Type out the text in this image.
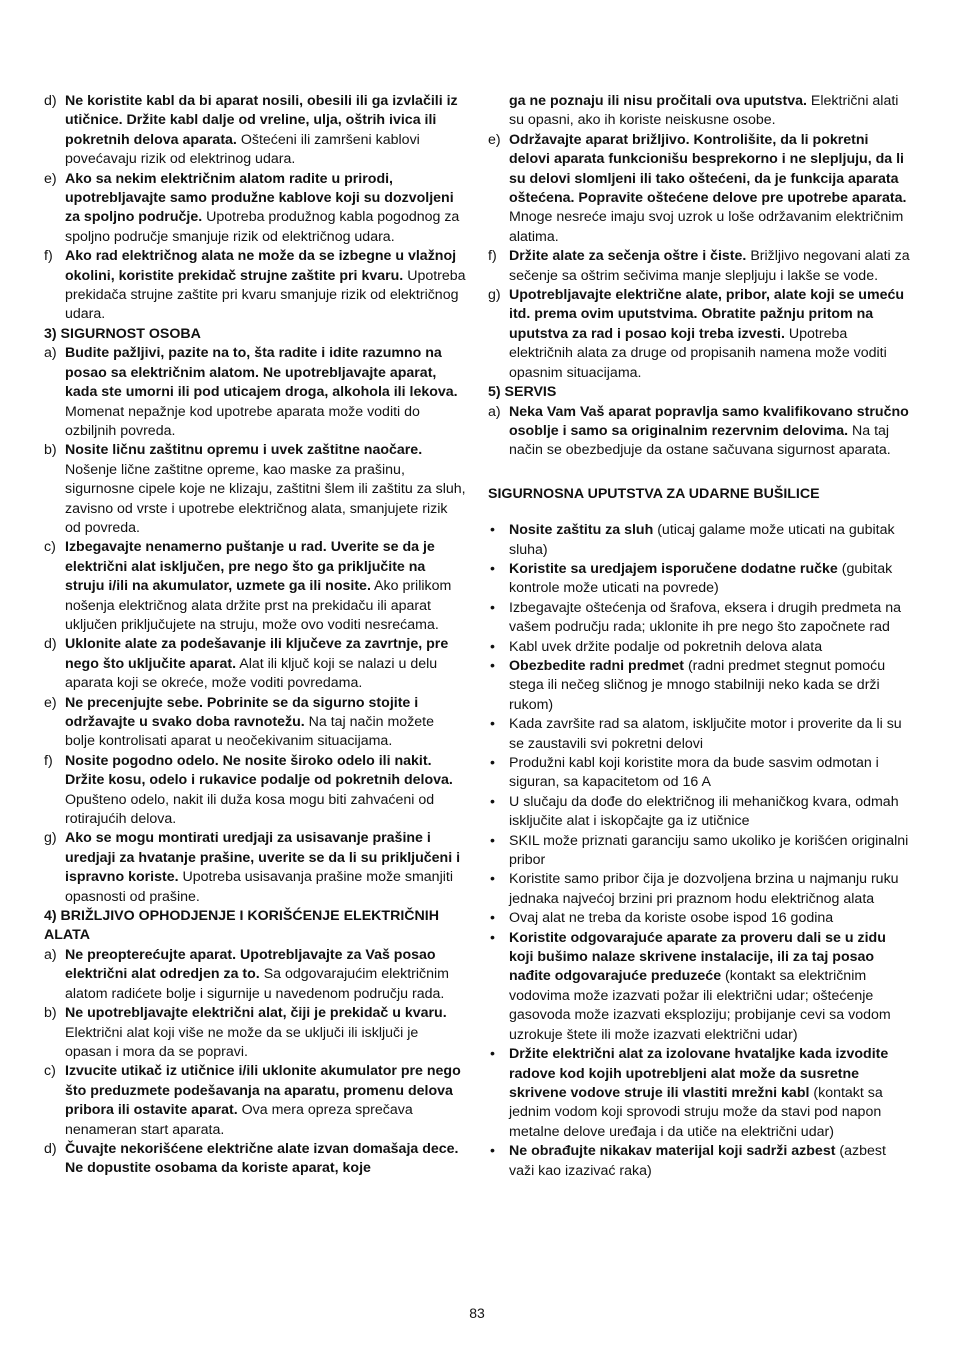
d) Ne koristite kabl da bi aparat nosili, obesili ili ga izvlačili iz utičnice. Držite kabl dalje od vreline, ulja, oštrih ivica ili pokretnih delova aparata. Oštećeni ili zamršeni kablovi povećavaju rizik od elektrinog udara.
e) Ako sa nekim električnim alatom radite u prirodi, upotrebljavajte samo produžne kablove koji su dozvoljeni za spoljno područje. Upotreba produžnog kabla pogodnog za spoljno područje smanjuje rizik od električnog udara.
f) Ako rad električnog alata ne može da se izbegne u vlažnoj okolini, koristite prekidač strujne zaštite pri kvaru. Upotreba prekidača strujne zaštite pri kvaru smanjuje rizik od električnog udara.
3) SIGURNOST OSOBA
a) Budite pažljivi, pazite na to, šta radite i idite razumno na posao sa električnim alatom. Ne upotrebljavajte aparat, kada ste umorni ili pod uticajem droga, alkohola ili lekova. Momenat nepažnje kod upotrebe aparata može voditi do ozbiljnih povreda.
b) Nosite ličnu zaštitnu opremu i uvek zaštitne naočare. Nošenje lične zaštitne opreme, kao maske za prašinu, sigurnosne cipele koje ne klizaju, zaštitni šlem ili zaštitu za sluh, zavisno od vrste i upotrebe električnog alata, smanjujete rizik od povreda.
c) Izbegavajte nenamerno puštanje u rad. Uverite se da je električni alat isključen, pre nego što ga priključite na struju i/ili na akumulator, uzmete ga ili nosite. Ako prilikom nošenja električnog alata držite prst na prekidaču ili aparat uključen priključujete na struju, može ovo voditi nesrećama.
d) Uklonite alate za podešavanje ili ključeve za zavrtnje, pre nego što uključite aparat. Alat ili ključ koji se nalazi u delu aparata koji se okreće, može voditi povredama.
e) Ne precenjujte sebe. Pobrinite se da sigurno stojite i održavajte u svako doba ravnotežu. Na taj način možete bolje kontrolisati aparat u neočekivanim situacijama.
f) Nosite pogodno odelo. Ne nosite široko odelo ili nakit. Držite kosu, odelo i rukavice podalje od pokretnih delova. Opušteno odelo, nakit ili duža kosa mogu biti zahvaćeni od rotirajućih delova.
g) Ako se mogu montirati uredjaji za usisavanje prašine i uredjaji za hvatanje prašine, uverite se da li su priključeni i ispravno koriste. Upotreba usisavanja prašine može smanjiti opasnosti od prašine.
4) BRIŽLJIVO OPHODJENJE I KORIŠĆENJE ELEKTRIČNIH ALATA
a) Ne preopterećujte aparat. Upotrebljavajte za Vaš posao električni alat odredjen za to. Sa odgovarajućim električnim alatom radićete bolje i sigurnije u navedenom području rada.
b) Ne upotrebljavajte električni alat, čiji je prekidač u kvaru. Električni alat koji više ne može da se uključi ili isključi je opasan i mora da se popravi.
c) Izvucite utikač iz utičnice i/ili uklonite akumulator pre nego što preduzmete podešavanja na aparatu, promenu delova pribora ili ostavite aparat. Ova mera opreza sprečava nenameran start aparata.
d) Čuvajte nekorišćene električne alate izvan domašaja dece. Ne dopustite osobama da koriste aparat, koje
ga ne poznaju ili nisu pročitali ova uputstva. Električni alati su opasni, ako ih koriste neiskusne osobe.
e) Održavajte aparat brižljivo. Kontrolišite, da li pokretni delovi aparata funkcionišu besprekorno i ne slepljuju, da li su delovi slomljeni ili tako oštećeni, da je funkcija aparata oštećena. Popravite oštećene delove pre upotrebe aparata. Mnoge nesreće imaju svoj uzrok u loše održavanim električnim alatima.
f) Držite alate za sečenja oštre i čiste. Brižljivo negovani alati za sečenje sa oštrim sečivima manje slepljuju i lakše se vode.
g) Upotrebljavajte električne alate, pribor, alate koji se umeću itd. prema ovim uputstvima. Obratite pažnju pritom na uputstva za rad i posao koji treba izvesti. Upotreba električnih alata za druge od propisanih namena može voditi opasnim situacijama.
5) SERVIS
a) Neka Vam Vaš aparat popravlja samo kvalifikovano stručno osoblje i samo sa originalnim rezervnim delovima. Na taj način se obezbedjuje da ostane sačuvana sigurnost aparata.
SIGURNOSNA UPUTSTVA ZA UDARNE BUŠILICE
• Nosite zaštitu za sluh (uticaj galame može uticati na gubitak sluha)
• Koristite sa uredjajem isporučene dodatne ručke (gubitak kontrole može uticati na povrede)
• Izbegavajte oštećenja od šrafova, eksera i drugih predmeta na vašem području rada; uklonite ih pre nego što započnete rad
• Kabl uvek držite podalje od pokretnih delova alata
• Obezbedite radni predmet (radni predmet stegnut pomoću stega ili nečeg sličnog je mnogo stabilniji neko kada se drži rukom)
• Kada završite rad sa alatom, isključite motor i proverite da li su se zaustavili svi pokretni delovi
• Produžni kabl koji koristite mora da bude sasvim odmotan i siguran, sa kapacitetom od 16 A
• U slučaju da dođe do električnog ili mehaničkog kvara, odmah isključite alat i iskopčajte ga iz utičnice
• SKIL može priznati garanciju samo ukoliko je korišćen originalni pribor
• Koristite samo pribor čija je dozvoljena brzina u najmanju ruku jednaka najvećoj brzini pri praznom hodu električnog alata
• Ovaj alat ne treba da koriste osobe ispod 16 godina
• Koristite odgovarajuće aparate za proveru dali se u zidu koji bušimo nalaze skrivene instalacije, ili za taj posao nađite odgovarajuće preduzeće (kontakt sa električnim vodovima može izazvati požar ili električni udar; oštećenje gasovoda može izazvati eksploziju; probijanje cevi sa vodom uzrokuje štete ili može izazvati električni udar)
• Držite električni alat za izolovane hvataljke kada izvodite radove kod kojih upotrebljeni alat može da susretne skrivene vodove struje ili vlastiti mrežni kabl (kontakt sa jednim vodom koji sprovodi struju može da stavi pod napon metalne delove uređaja i da utiče na električni udar)
• Ne obrađujte nikakav materijal koji sadrži azbest (azbest važi kao izazivać raka)
83
